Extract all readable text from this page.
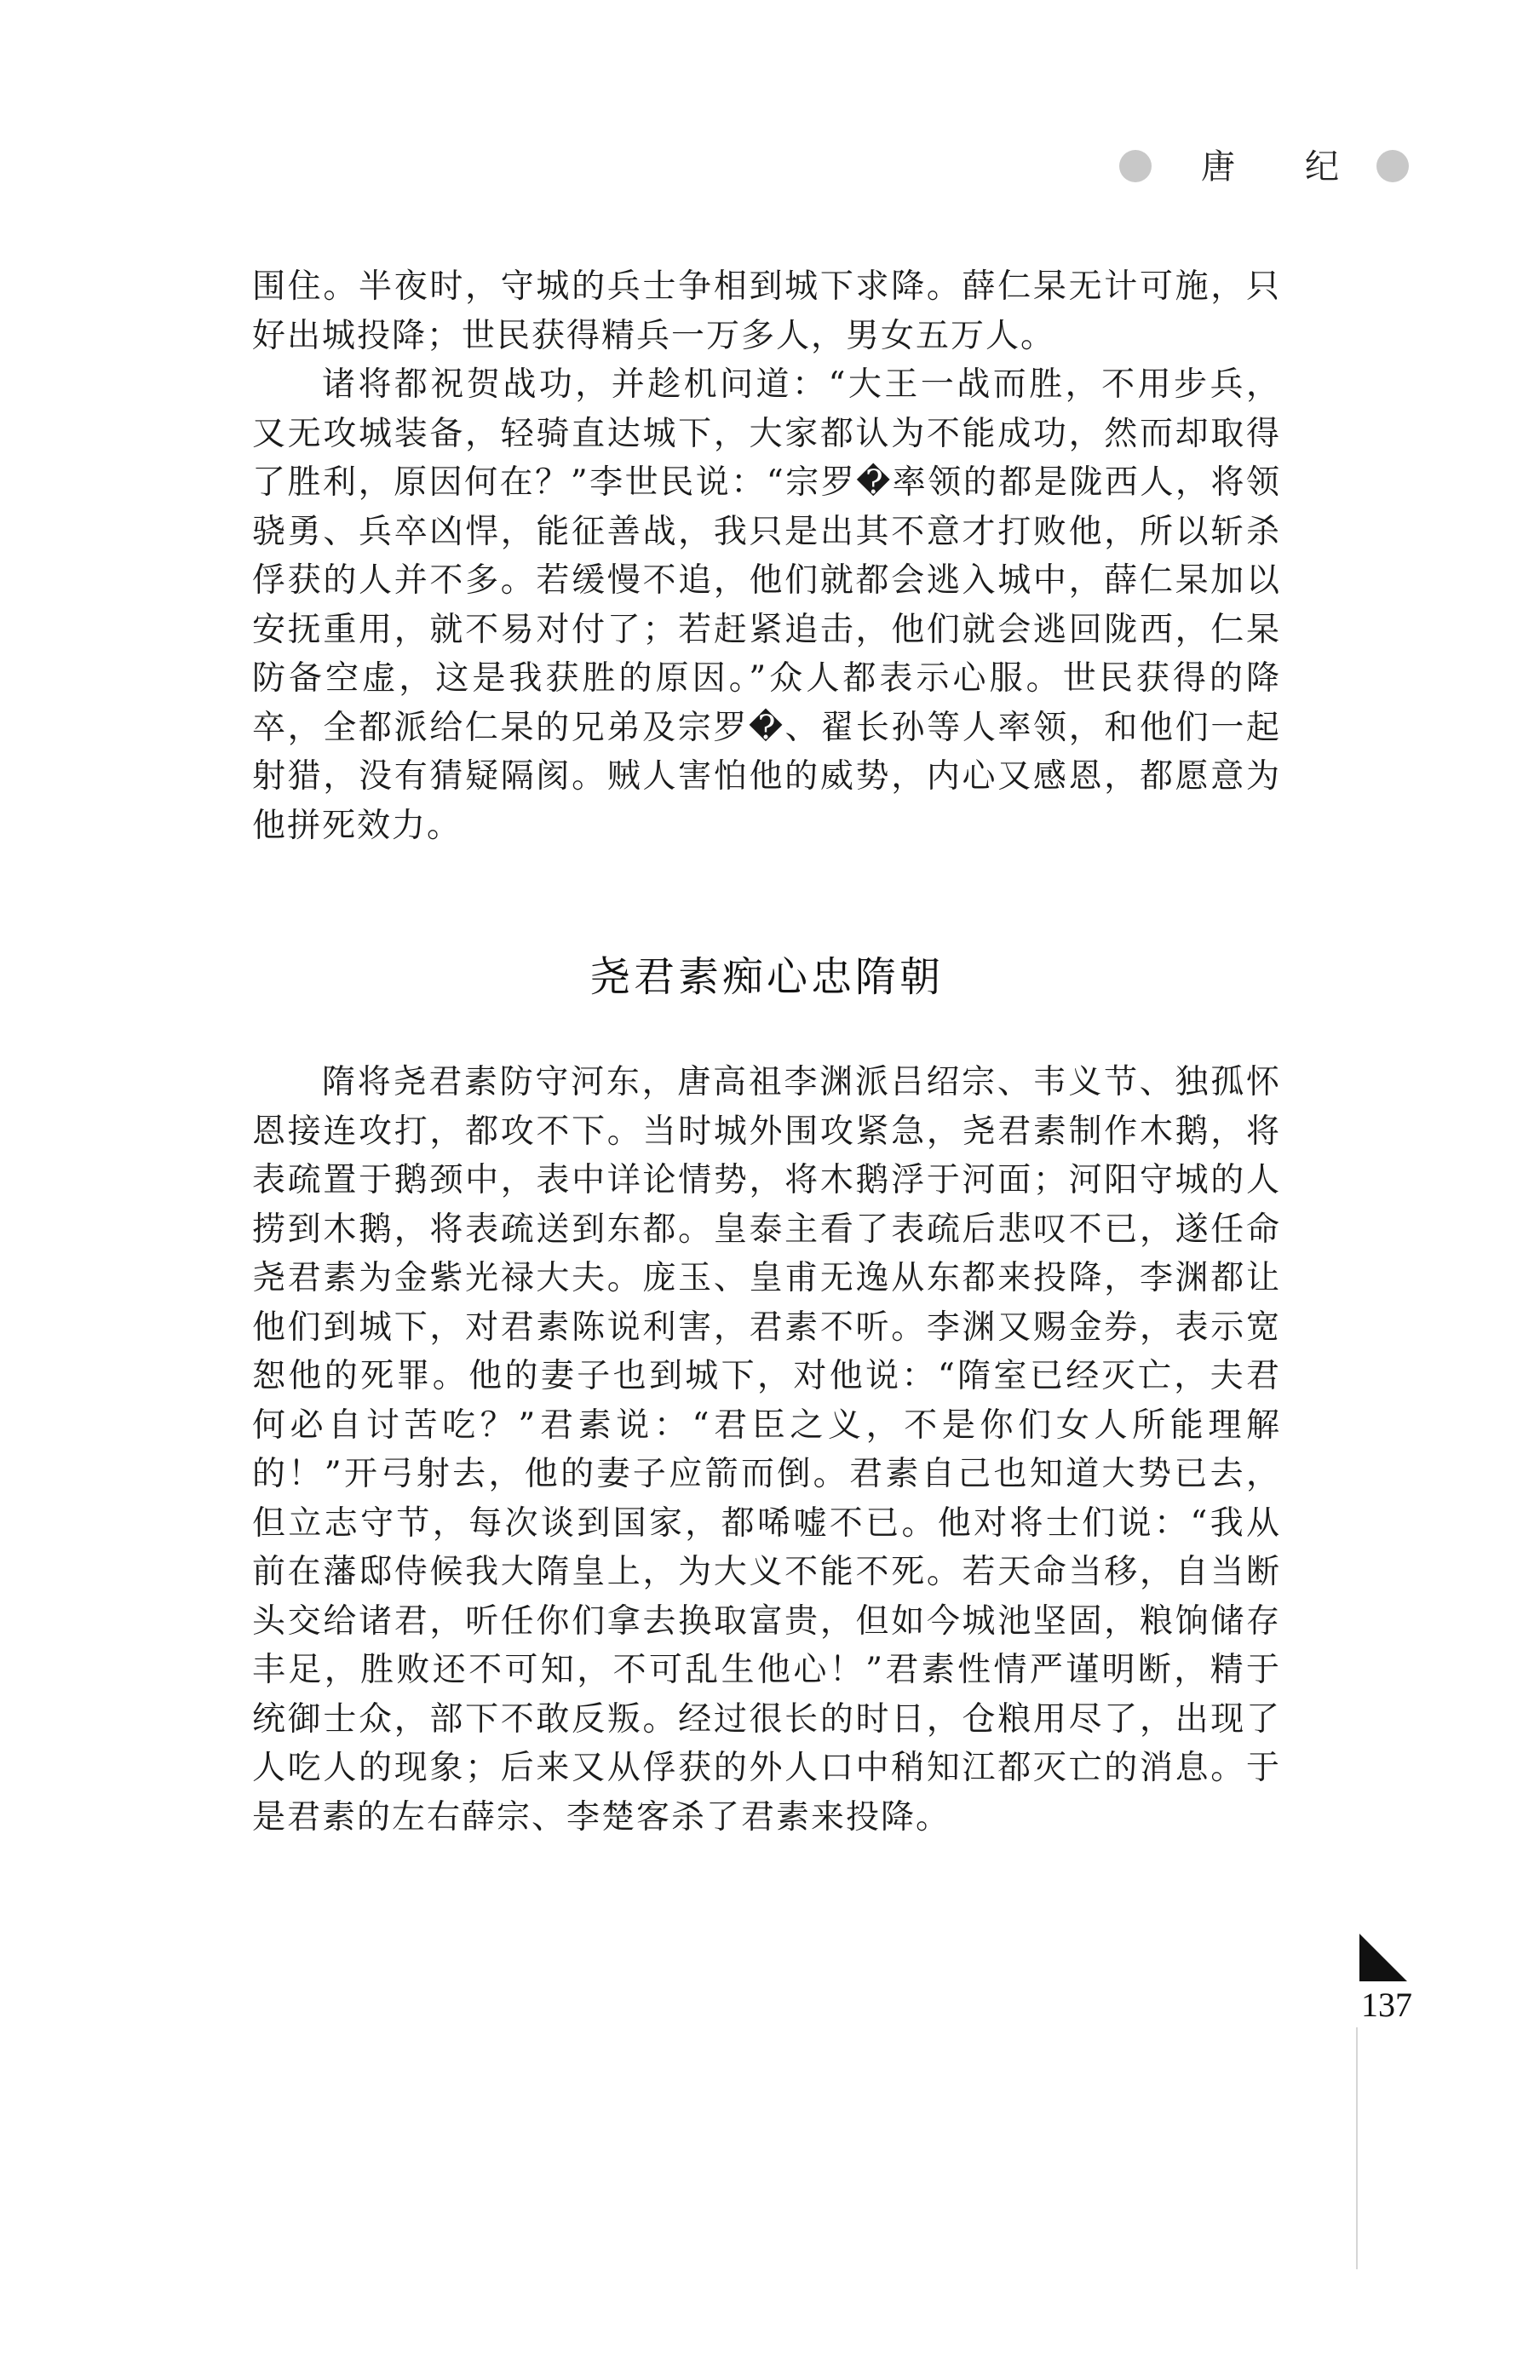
唐 纪

围住。半夜时，守城的兵士争相到城下求降。薛仁杲无计可施，只好出城投降；世民获得精兵一万多人，男女五万人。

诸将都祝贺战功，并趁机问道：“大王一战而胜，不用步兵，又无攻城装备，轻骑直达城下，大家都认为不能成功，然而却取得了胜利，原因何在？”李世民说：“宗罗�率领的都是陇西人，将领骁勇、兵卒凶悍，能征善战，我只是出其不意才打败他，所以斩杀俘获的人并不多。若缓慢不追，他们就都会逃入城中，薛仁杲加以安抚重用，就不易对付了；若赶紧追击，他们就会逃回陇西，仁杲防备空虚，这是我获胜的原因。”众人都表示心服。世民获得的降卒，全都派给仁杲的兄弟及宗罗�、翟长孙等人率领，和他们一起射猎，没有猜疑隔阂。贼人害怕他的威势，内心又感恩，都愿意为他拼死效力。

尧君素痴心忠隋朝

隋将尧君素防守河东，唐高祖李渊派吕绍宗、韦义节、独孤怀恩接连攻打，都攻不下。当时城外围攻紧急，尧君素制作木鹅，将表疏置于鹅颈中，表中详论情势，将木鹅浮于河面；河阳守城的人捞到木鹅，将表疏送到东都。皇泰主看了表疏后悲叹不已，遂任命尧君素为金紫光禄大夫。庞玉、皇甫无逸从东都来投降，李渊都让他们到城下，对君素陈说利害，君素不听。李渊又赐金券，表示宽恕他的死罪。他的妻子也到城下，对他说：“隋室已经灭亡，夫君何必自讨苦吃？”君素说：“君臣之义，不是你们女人所能理解的！”开弓射去，他的妻子应箭而倒。君素自己也知道大势已去，但立志守节，每次谈到国家，都唏嘘不已。他对将士们说：“我从前在藩邸侍候我大隋皇上，为大义不能不死。若天命当移，自当断头交给诸君，听任你们拿去换取富贵，但如今城池坚固，粮饷储存丰足，胜败还不可知，不可乱生他心！”君素性情严谨明断，精于统御士众，部下不敢反叛。经过很长的时日，仓粮用尽了，出现了人吃人的现象；后来又从俘获的外人口中稍知江都灭亡的消息。于是君素的左右薛宗、李楚客杀了君素来投降。

137
